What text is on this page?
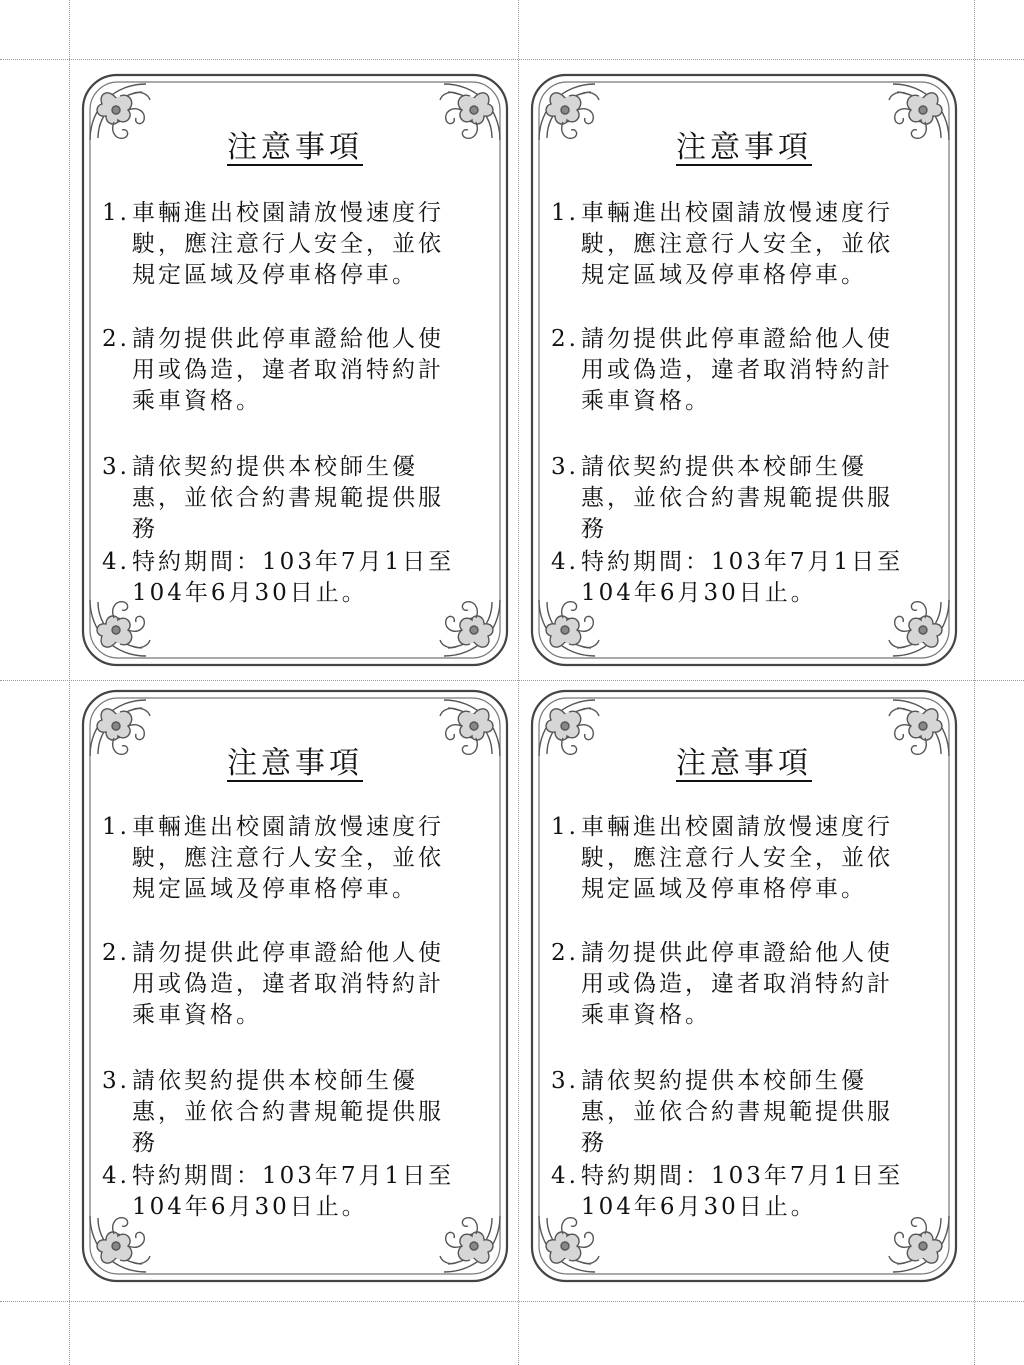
注意事項
1. 車輛進出校園請放慢速度行駛，應注意行人安全，並依規定區域及停車格停車。
2. 請勿提供此停車證給他人使用或偽造，違者取消特約計乘車資格。
3. 請依契約提供本校師生優惠，並依合約書規範提供服務
4. 特約期間：103年7月1日至104年6月30日止。
注意事項
1. 車輛進出校園請放慢速度行駛，應注意行人安全，並依規定區域及停車格停車。
2. 請勿提供此停車證給他人使用或偽造，違者取消特約計乘車資格。
3. 請依契約提供本校師生優惠，並依合約書規範提供服務
4. 特約期間：103年7月1日至104年6月30日止。
注意事項
1. 車輛進出校園請放慢速度行駛，應注意行人安全，並依規定區域及停車格停車。
2. 請勿提供此停車證給他人使用或偽造，違者取消特約計乘車資格。
3. 請依契約提供本校師生優惠，並依合約書規範提供服務
4. 特約期間：103年7月1日至104年6月30日止。
注意事項
1. 車輛進出校園請放慢速度行駛，應注意行人安全，並依規定區域及停車格停車。
2. 請勿提供此停車證給他人使用或偽造，違者取消特約計乘車資格。
3. 請依契約提供本校師生優惠，並依合約書規範提供服務
4. 特約期間：103年7月1日至104年6月30日止。
